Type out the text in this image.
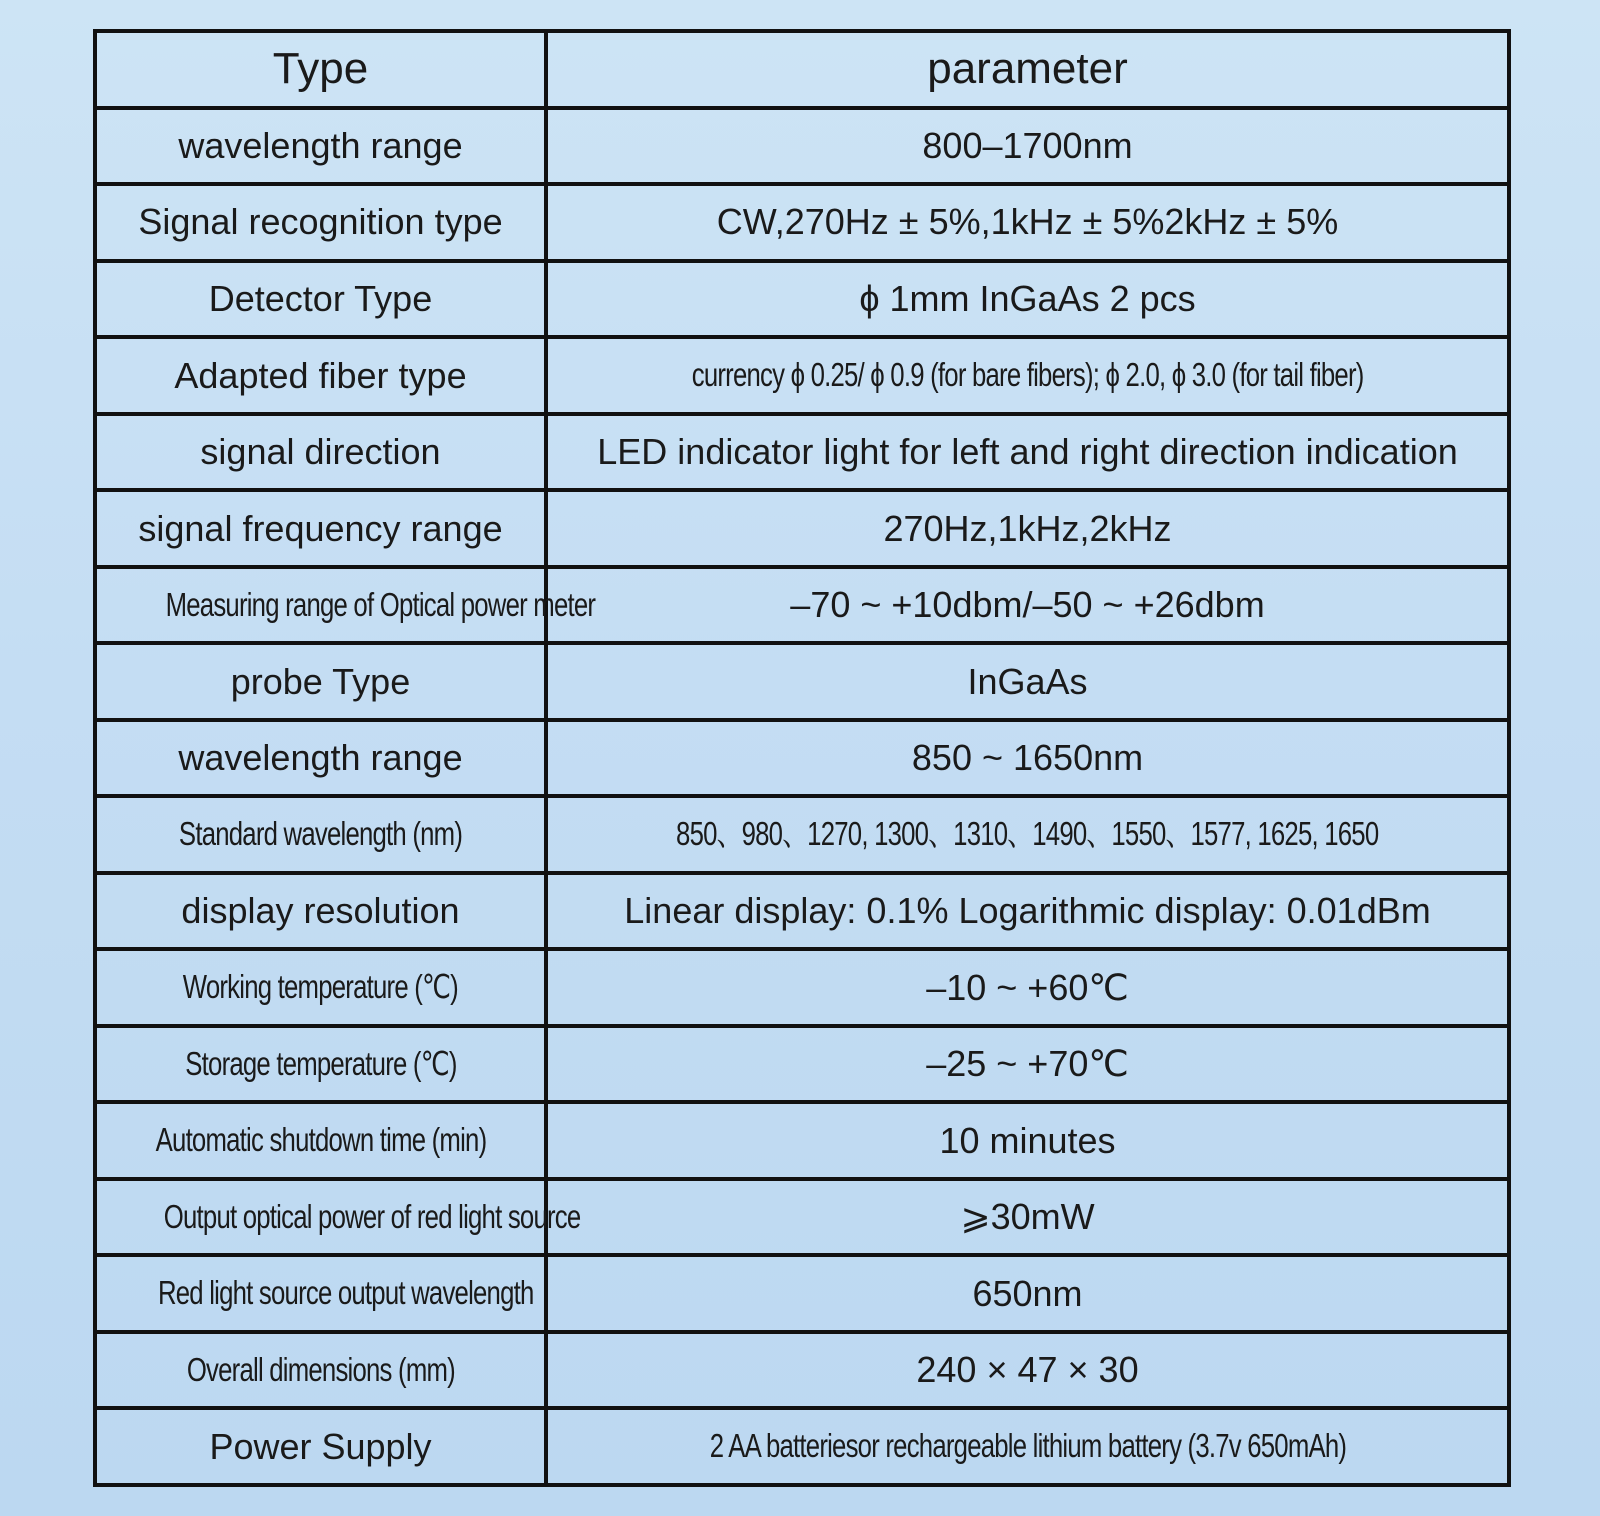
Type	parameter
wavelength range	800–1700nm
Signal recognition type	CW,270Hz ± 5%,1kHz ± 5%2kHz ± 5%
Detector Type	ϕ 1mm InGaAs 2 pcs
Adapted fiber type	currency ϕ 0.25/ ϕ 0.9 (for bare fibers); ϕ 2.0, ϕ 3.0 (for tail fiber)
signal direction	LED indicator light for left and right direction indication
signal frequency range	270Hz,1kHz,2kHz
Measuring range of Optical power meter	–70 ~ +10dbm/–50 ~ +26dbm
probe Type	InGaAs
wavelength range	850 ~ 1650nm
Standard wavelength (nm)	850、980、1270, 1300、1310、1490、1550、1577, 1625, 1650
display resolution	Linear display: 0.1% Logarithmic display: 0.01dBm
Working temperature (℃)	–10 ~ +60℃
Storage temperature (℃)	–25 ~ +70℃
Automatic shutdown time (min)	10 minutes
Output optical power of red light source	⩾30mW
Red light source output wavelength	650nm
Overall dimensions (mm)	240 × 47 × 30
Power Supply	2 AA batteriesor rechargeable lithium battery (3.7v 650mAh)
